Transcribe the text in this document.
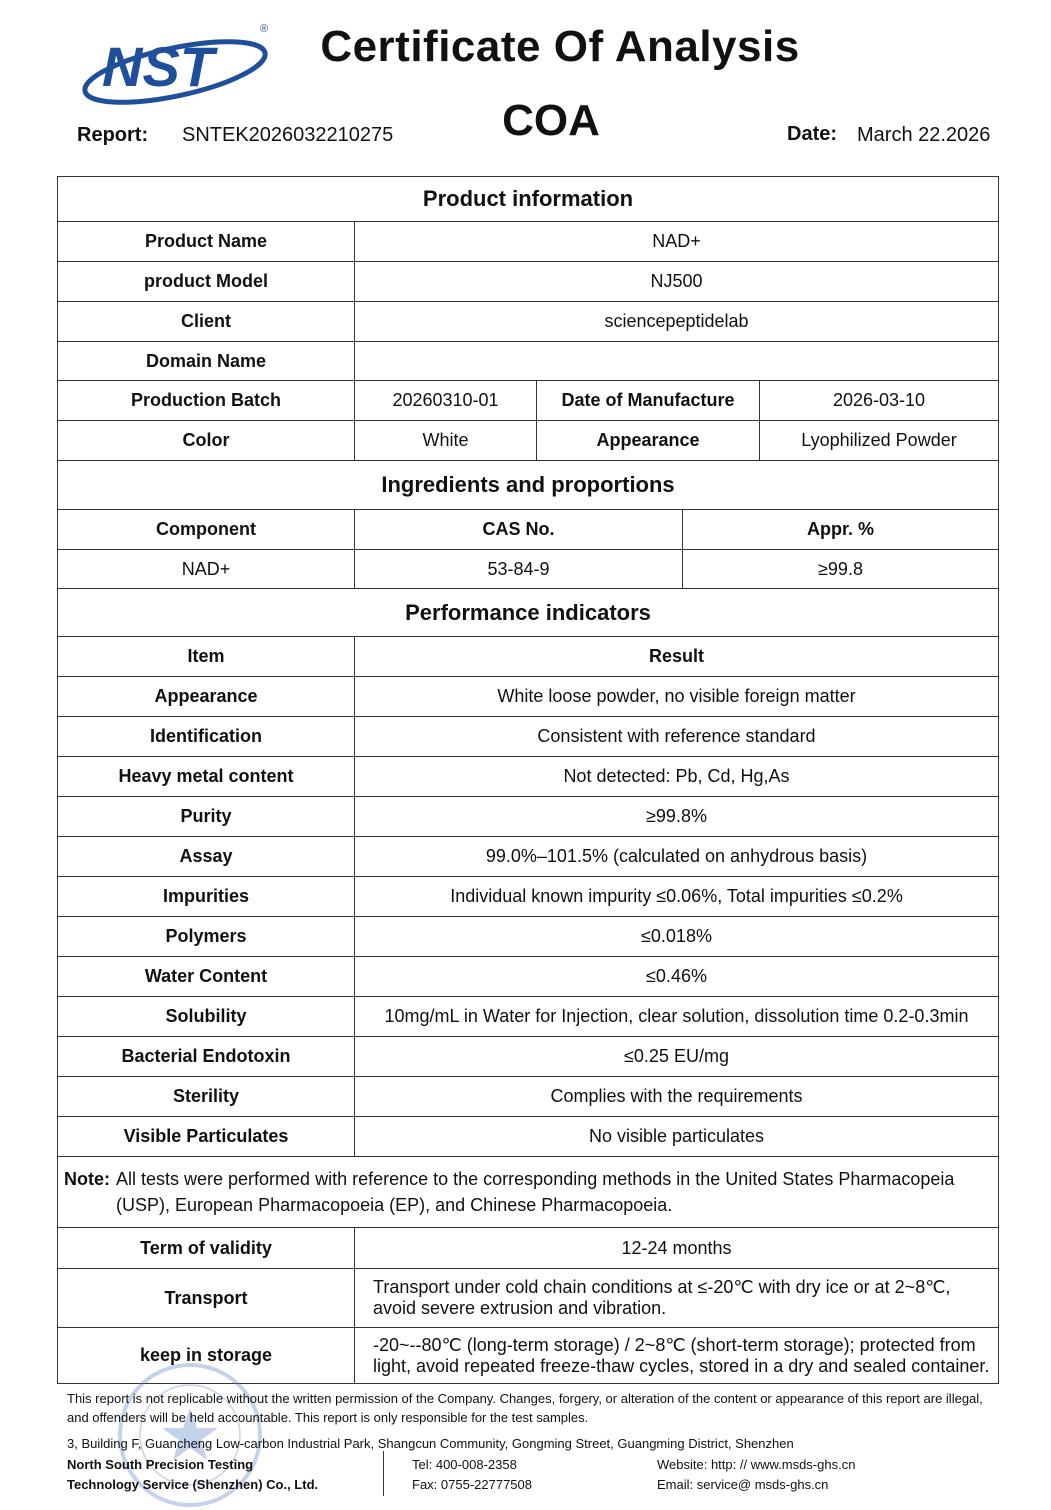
NST
®	Certificate Of Analysis
COA
Report: SNTEK2026032210275	Date: March 22.2026
Product information				
Product Name	NAD+			
product Model	NJ500			
Client	sciencepeptidelab			
Domain Name				
Production Batch	20260310-01	Date of Manufacture		2026-03-10
Color	White	Appearance		Lyophilized Powder
Ingredients and proportions				
Component	CAS No.		Appr. %	
NAD+	53-84-9		≥99.8	
Performance indicators				
Item	Result			
Appearance	White loose powder, no visible foreign matter			
Identification	Consistent with reference standard			
Heavy metal content	Not detected: Pb, Cd, Hg,As			
Purity	≥99.8%			
Assay	99.0%–101.5% (calculated on anhydrous basis)			
Impurities	Individual known impurity ≤0.06%, Total impurities ≤0.2%			
Polymers	≤0.018%			
Water Content	≤0.46%			
Solubility	10mg/mL in Water for Injection, clear solution, dissolution time 0.2-0.3min			
Bacterial Endotoxin	≤0.25 EU/mg			
Sterility	Complies with the requirements			
Visible Particulates	No visible particulates			

Note: All tests were performed with reference to the corresponding methods in the United States Pharmacopeia (USP), European Pharmacopoeia (EP), and Chinese Pharmacopoeia.				

Term of validity	12-24 months			
Transport	Transport under cold chain conditions at ≤-20℃ with dry ice or at 2~8℃, avoid severe extrusion and vibration.			
keep in storage	-20~--80℃ (long-term storage) / 2~8℃ (short-term storage); protected from light, avoid repeated freeze-thaw cycles, stored in a dry and sealed container.			
This report is not replicable without the written permission of the Company. Changes, forgery, or alteration of the content or appearance of this report are illegal, and offenders will be held accountable. This report is only responsible for the test samples.
3, Building F, Guancheng Low-carbon Industrial Park, Shangcun Community, Gongming Street, Guangming District, Shenzhen
North South Precision Testing
Technology Service (Shenzhen) Co., Ltd.
Tel: 400-008-2358
Fax: 0755-22777508
Website: http: // www.msds-ghs.cn
Email: service@ msds-ghs.cn
